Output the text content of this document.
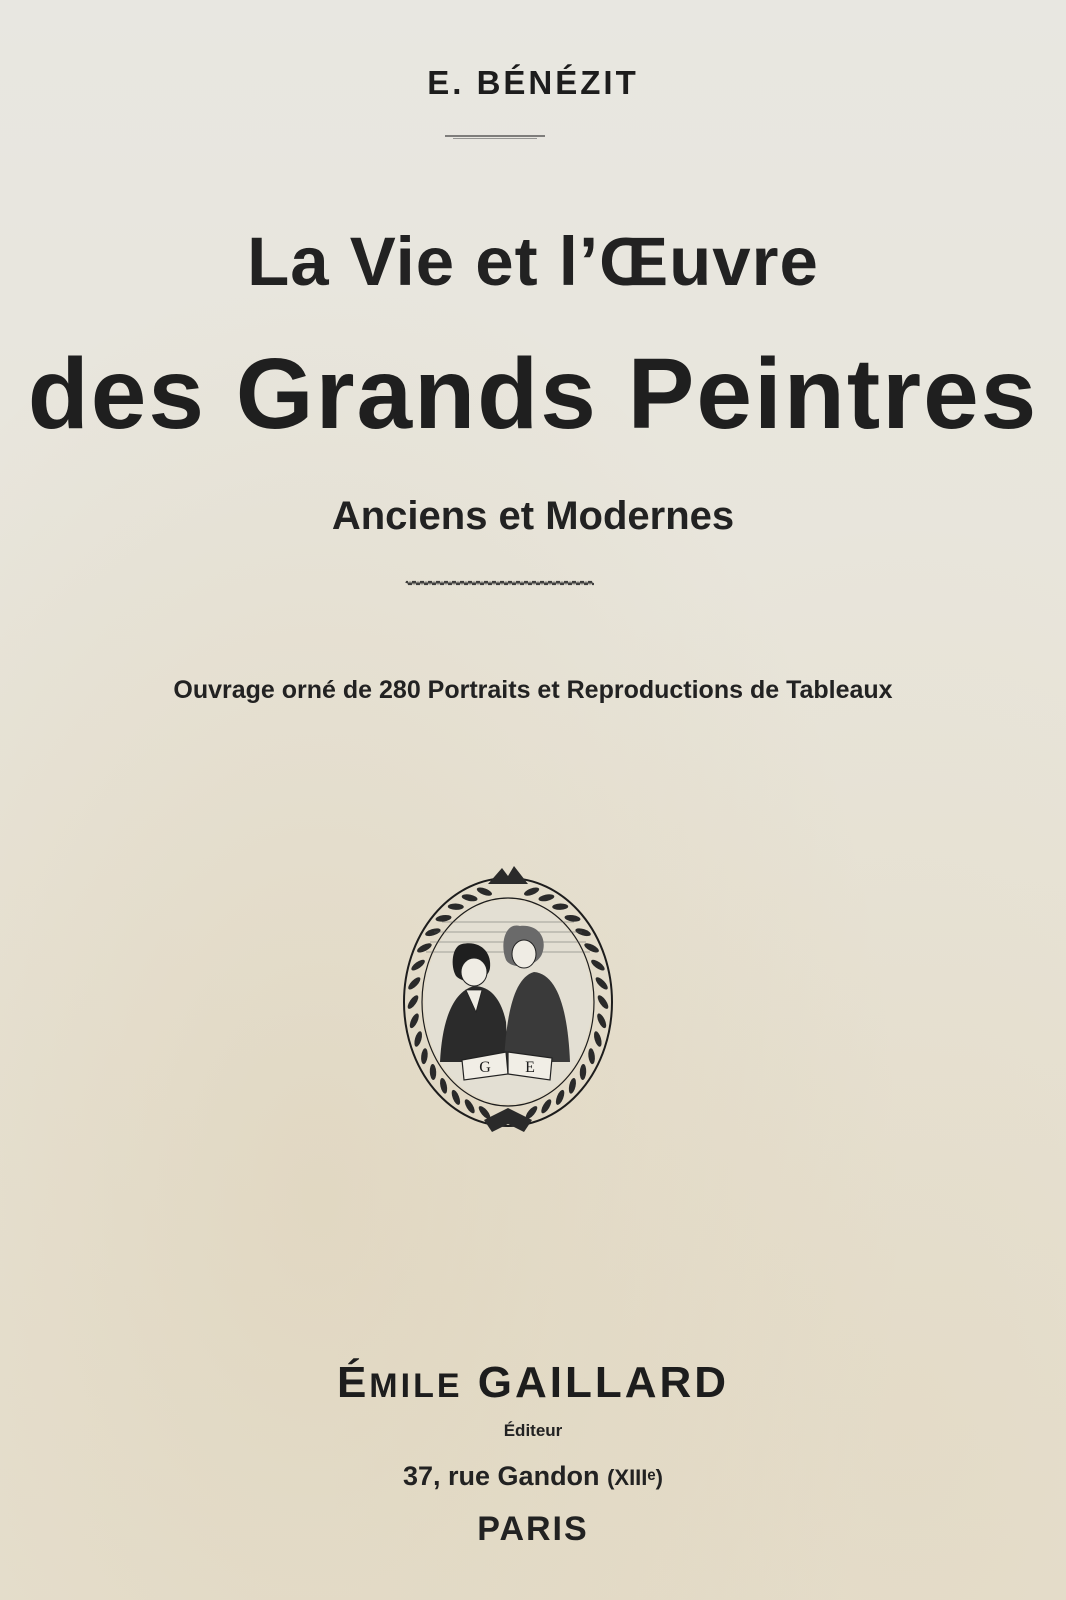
E. BÉNÉZIT
La Vie et l’Œuvre
des Grands Peintres
Anciens et Modernes
Ouvrage orné de 280 Portraits et Reproductions de Tableaux
G E
ÉMILE GAILLARD
Éditeur
37, rue Gandon (XIIIᵉ)
PARIS
